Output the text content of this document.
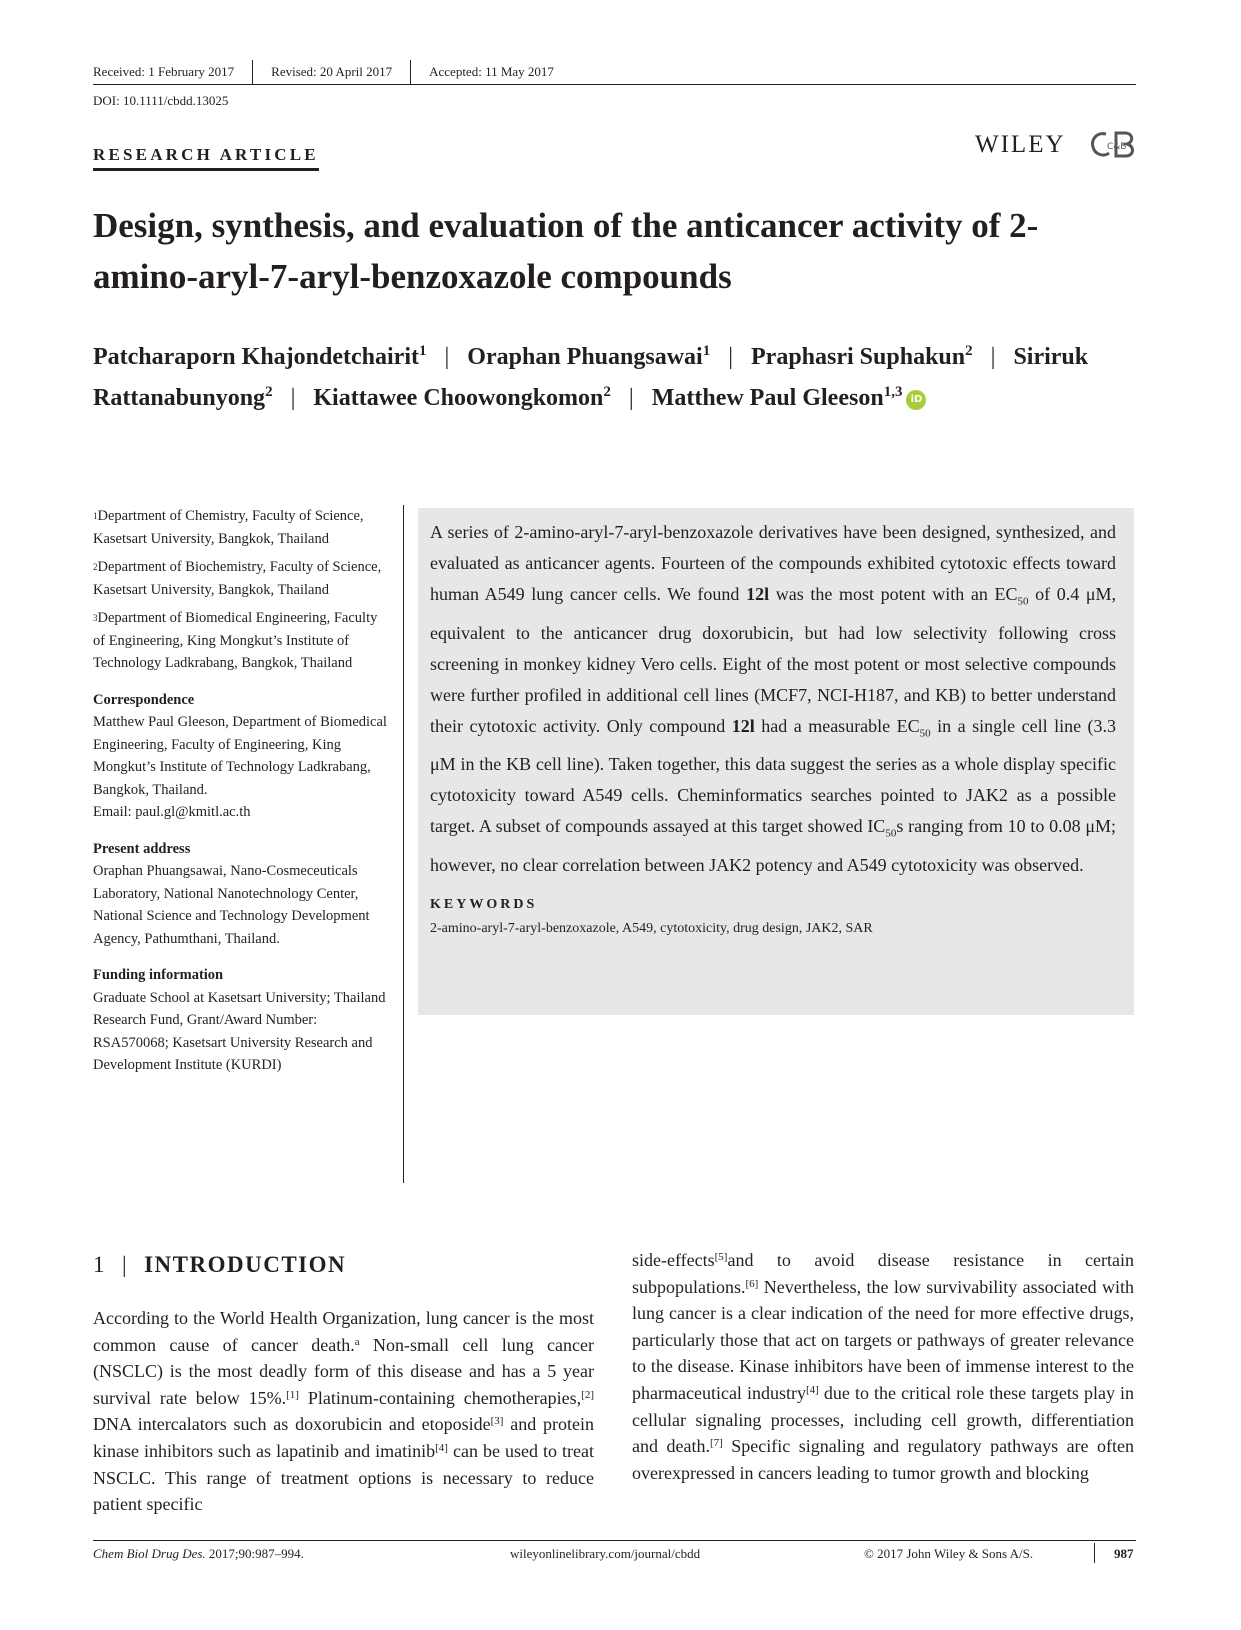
Received: 1 February 2017	Revised: 20 April 2017	Accepted: 11 May 2017
DOI: 10.1111/cbdd.13025
RESEARCH ARTICLE	WILEY	C&B
Design, synthesis, and evaluation of the anticancer activity of 2-amino-aryl-7-aryl-benzoxazole compounds

Patcharaporn Khajondetchairit$^1$ | Oraphan Phuangsawai$^1$ | Praphasri Suphakun$^2$ | Siriruk Rattanabunyong$^2$ | Kiattawee Choowongkomon$^2$ | Matthew Paul Gleeson$^{1,3}$ iD

$^1$Department of Chemistry, Faculty of Science, Kasetsart University, Bangkok, Thailand

$^2$Department of Biochemistry, Faculty of Science, Kasetsart University, Bangkok, Thailand

$^3$Department of Biomedical Engineering, Faculty of Engineering, King Mongkut’s Institute of Technology Ladkrabang, Bangkok, Thailand

Correspondence
Matthew Paul Gleeson, Department of Biomedical Engineering, Faculty of Engineering, King Mongkut’s Institute of Technology Ladkrabang, Bangkok, Thailand.
Email: paul.gl@kmitl.ac.th
Present address
Oraphan Phuangsawai, Nano-Cosmeceuticals Laboratory, National Nanotechnology Center, National Science and Technology Development Agency, Pathumthani, Thailand.
Funding information
Graduate School at Kasetsart University; Thailand Research Fund, Grant/Award Number: RSA570068; Kasetsart University Research and Development Institute (KURDI)

A series of 2-amino-aryl-7-aryl-benzoxazole derivatives have been designed, synthesized, and evaluated as anticancer agents. Fourteen of the compounds exhibited cytotoxic effects toward human A549 lung cancer cells. We found 12l was the most potent with an $EC_{50}$ of 0.4 μM, equivalent to the anticancer drug doxorubicin, but had low selectivity following cross screening in monkey kidney Vero cells. Eight of the most potent or most selective compounds were further profiled in additional cell lines (MCF7, NCI-H187, and KB) to better understand their cytotoxic activity. Only compound 12l had a measurable $EC_{50}$ in a single cell line (3.3 μM in the KB cell line). Taken together, this data suggest the series as a whole display specific cytotoxicity toward A549 cells. Cheminformatics searches pointed to JAK2 as a possible target. A subset of compounds assayed at this target showed $IC_{50}s$ ranging from 10 to 0.08 μM; however, no clear correlation between JAK2 potency and A549 cytotoxicity was observed.

KEYWORDS
2-amino-aryl-7-aryl-benzoxazole, A549, cytotoxicity, drug design, JAK2, SAR
1 | INTRODUCTION

According to the World Health Organization, lung cancer is the most common cause of cancer death.$^a$ Non-small cell lung cancer (NSCLC) is the most deadly form of this disease and has a 5 year survival rate below 15%.[1] Platinum-containing chemotherapies,[2] DNA intercalators such as doxorubicin and etoposide[3] and protein kinase inhibitors such as lapatinib and imatinib[4] can be used to treat NSCLC. This range of treatment options is necessary to reduce patient specific

side-effects[5]and to avoid disease resistance in certain subpopulations.[6] Nevertheless, the low survivability associated with lung cancer is a clear indication of the need for more effective drugs, particularly those that act on targets or pathways of greater relevance to the disease. Kinase inhibitors have been of immense interest to the pharmaceutical industry[4] due to the critical role these targets play in cellular signaling processes, including cell growth, differentiation and death.[7] Specific signaling and regulatory pathways are often overexpressed in cancers leading to tumor growth and blocking

Chem Biol Drug Des. 2017;90:987–994.	wileyonlinelibrary.com/journal/cbdd	© 2017 John Wiley & Sons A/S.	987
